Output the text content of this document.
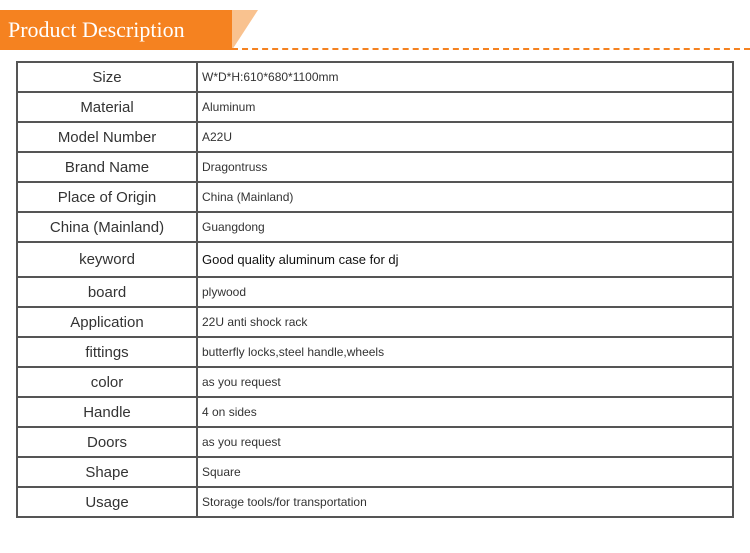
Product Description
Size	W*D*H:610*680*1100mm
Material	Aluminum
Model Number	A22U
Brand Name	Dragontruss
Place of Origin	China (Mainland)
China (Mainland)	Guangdong
keyword	Good quality aluminum case for dj
board	plywood
Application	22U anti shock rack
fittings	butterfly locks,steel handle,wheels
color	as you request
Handle	4 on sides
Doors	as you request
Shape	Square
Usage	Storage tools/for transportation
